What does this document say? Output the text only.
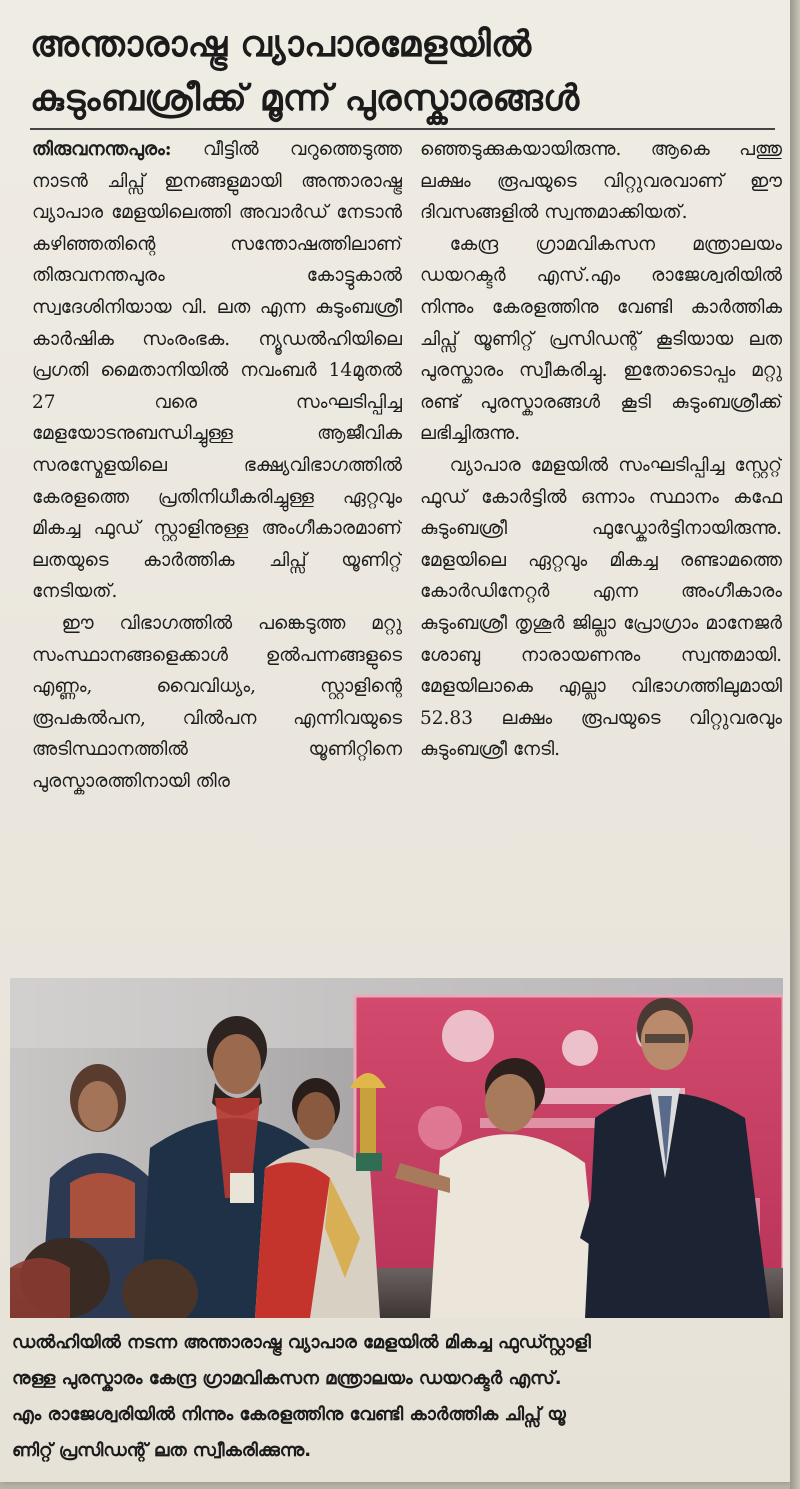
അന്താരാഷ്ട്ര വ്യാപാരമേളയിൽ
കുടുംബശ്രീക്ക് മൂന്ന് പുരസ്കാരങ്ങൾ

തിരുവനന്തപുരം: വീട്ടിൽ വറുത്തെടുത്ത നാടൻ ചിപ്സ് ഇനങ്ങളുമായി അന്താരാഷ്ട്ര വ്യാപാര മേളയിലെത്തി അവാർഡ് നേടാൻ കഴിഞ്ഞതിന്റെ സന്തോഷത്തിലാണ് തിരുവനന്തപുരം കോട്ടുകാൽ സ്വദേശിനിയായ വി. ലത എന്ന കുടുംബശ്രീ കാർഷിക സംരംഭക. ന്യൂഡൽഹിയിലെ പ്രഗതി മൈതാനിയിൽ നവംബർ 14മുതൽ 27 വരെ സംഘടിപ്പിച്ച മേളയോടനുബന്ധിച്ചുള്ള ആജീവിക സരസ്മേളയിലെ ഭക്ഷ്യവിഭാഗത്തിൽ കേരളത്തെ പ്രതിനിധീകരിച്ചുള്ള ഏറ്റവും മികച്ച ഫുഡ് സ്റ്റാളിനുള്ള അംഗീകാരമാണ് ലതയുടെ കാർത്തിക ചിപ്സ് യൂണിറ്റ് നേടിയത്.

ഈ വിഭാഗത്തിൽ പങ്കെടുത്ത മറ്റു സംസ്ഥാനങ്ങളെക്കാൾ ഉൽപന്നങ്ങളുടെ എണ്ണം, വൈവിധ്യം, സ്റ്റാളിന്റെ രൂപകൽപന, വിൽപന എന്നിവയുടെ അടിസ്ഥാനത്തിൽ യൂണിറ്റിനെ പുരസ്കാരത്തിനായി തിര

ഞ്ഞെടുക്കുകയായിരുന്നു. ആകെ പത്തു ലക്ഷം രൂപയുടെ വിറ്റുവരവാണ് ഈ ദിവസങ്ങളിൽ സ്വന്തമാക്കിയത്.

കേന്ദ്ര ഗ്രാമവികസന മന്ത്രാലയം ഡയറക്ടർ എസ്.എം രാജേശ്വരിയിൽ നിന്നും കേരളത്തിനു വേണ്ടി കാർത്തിക ചിപ്സ് യൂണിറ്റ് പ്രസിഡന്റ് കൂടിയായ ലത പുരസ്കാരം സ്വീകരിച്ചു. ഇതോടൊപ്പം മറ്റു രണ്ട് പുരസ്കാരങ്ങൾ കൂടി കുടുംബശ്രീക്ക് ലഭിച്ചിരുന്നു.

വ്യാപാര മേളയിൽ സംഘടിപ്പിച്ച സ്റ്റേറ്റ് ഫുഡ് കോർട്ടിൽ ഒന്നാം സ്ഥാനം കഫേ കുടുംബശ്രീ ഫുഡ്കോർട്ടിനായിരുന്നു. മേളയിലെ ഏറ്റവും മികച്ച രണ്ടാമത്തെ കോർഡിനേറ്റർ എന്ന അംഗീകാരം കുടുംബശ്രീ തൃശൂർ ജില്ലാ പ്രോഗ്രാം മാനേജർ ശോബു നാരായണനും സ്വന്തമായി. മേളയിലാകെ എല്ലാ വിഭാഗത്തിലുമായി 52.83 ലക്ഷം രൂപയുടെ വിറ്റുവരവും കുടുംബശ്രീ നേടി.

ഡൽഹിയിൽ നടന്ന അന്താരാഷ്ട്ര വ്യാപാര മേളയിൽ മികച്ച ഫുഡ്സ്റ്റാളി
നുള്ള പുരസ്കാരം കേന്ദ്ര ഗ്രാമവികസന മന്ത്രാലയം ഡയറക്ടർ എസ്.
എം രാജേശ്വരിയിൽ നിന്നും കേരളത്തിനു വേണ്ടി കാർത്തിക ചിപ്സ് യൂ
ണിറ്റ് പ്രസിഡന്റ് ലത സ്വീകരിക്കുന്നു.
